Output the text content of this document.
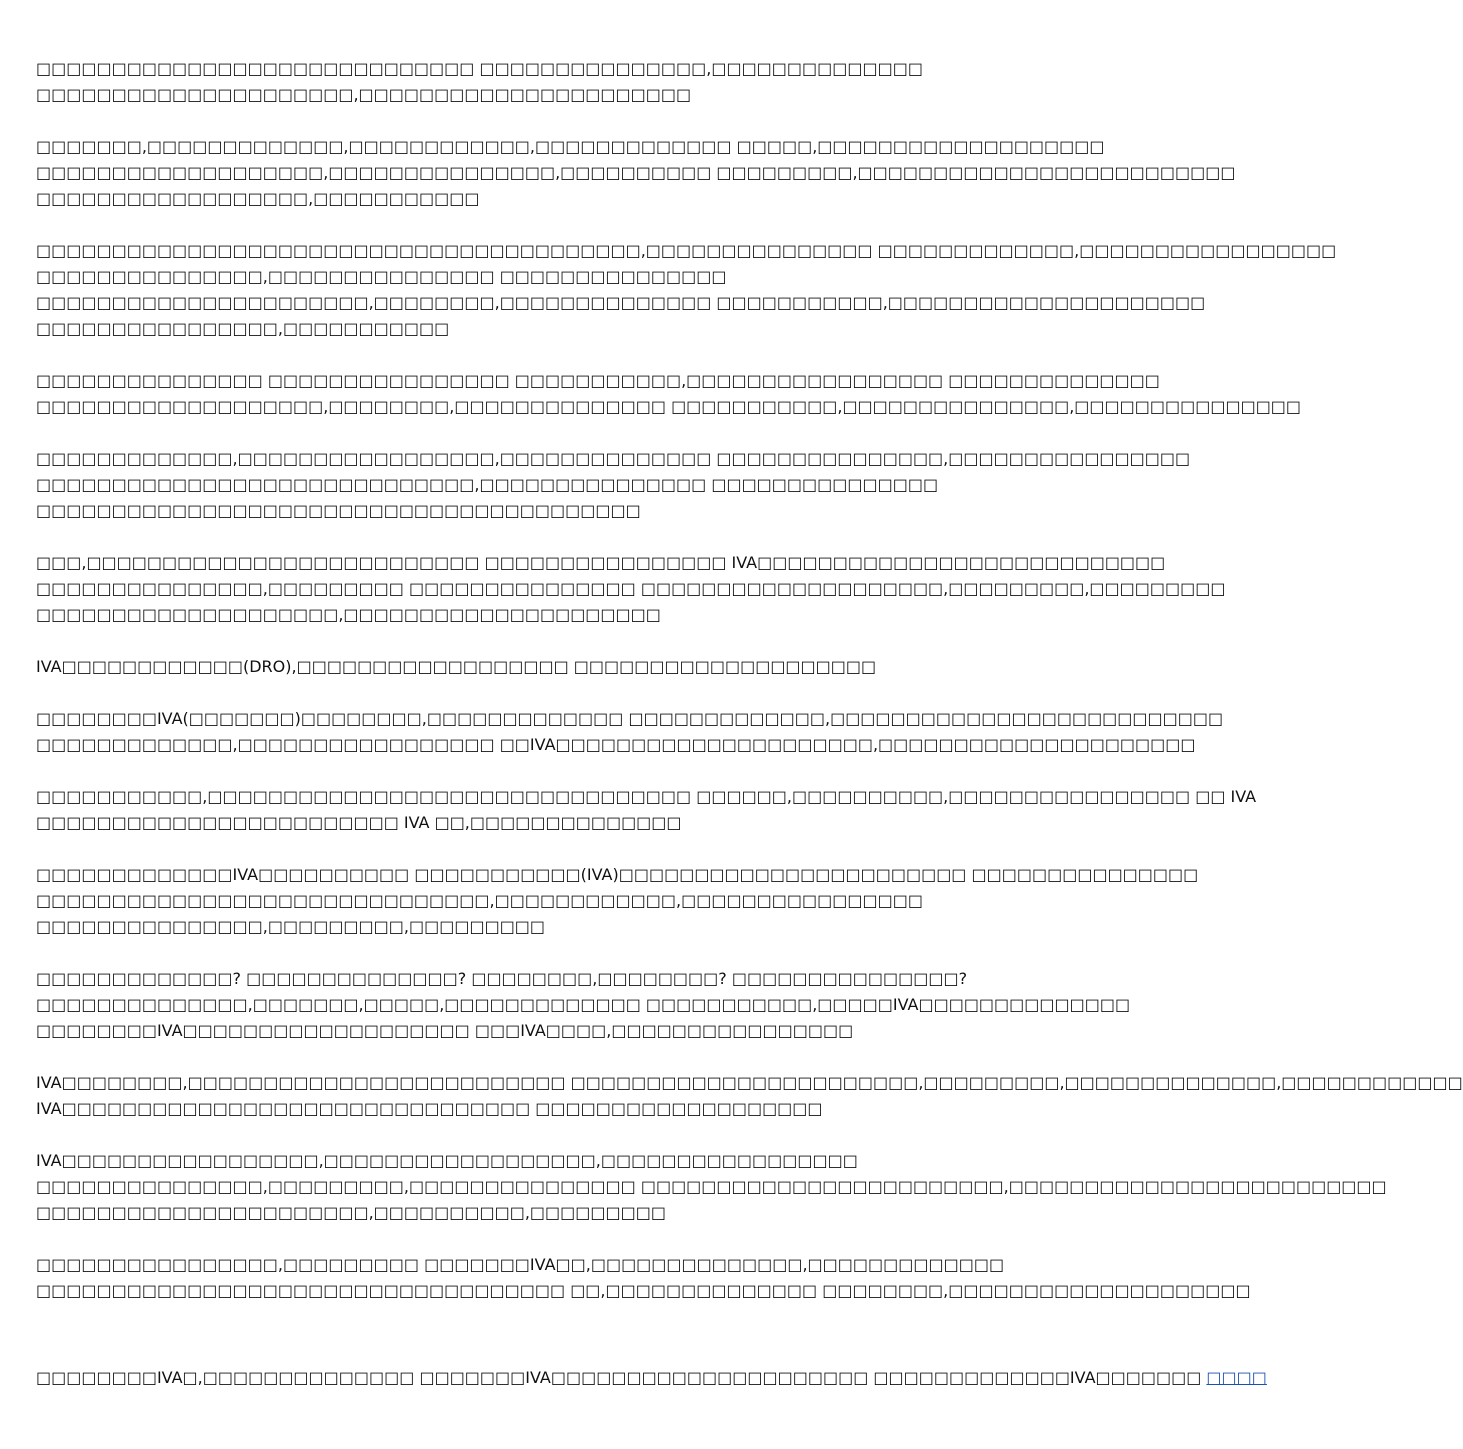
□□□□□□□□□□□□□□□□□□□□□□□□□□□□□ □□□□□□□□□□□□□□□,□□□□□□□□□□□□□□
□□□□□□□□□□□□□□□□□□□□□,□□□□□□□□□□□□□□□□□□□□□□
□□□□□□□,□□□□□□□□□□□□□,□□□□□□□□□□□□,□□□□□□□□□□□□□ □□□□□,□□□□□□□□□□□□□□□□□□□
□□□□□□□□□□□□□□□□□□□,□□□□□□□□□□□□□□□,□□□□□□□□□□ □□□□□□□□□,□□□□□□□□□□□□□□□□□□□□□□□□□
□□□□□□□□□□□□□□□□□□,□□□□□□□□□□□
□□□□□□□□□□□□□□□□□□□□□□□□□□□□□□□□□□□□□□□□,□□□□□□□□□□□□□□□ □□□□□□□□□□□□□,□□□□□□□□□□□□□□□□□
□□□□□□□□□□□□□□□,□□□□□□□□□□□□□□□ □□□□□□□□□□□□□□□
□□□□□□□□□□□□□□□□□□□□□□,□□□□□□□□,□□□□□□□□□□□□□□ □□□□□□□□□□□,□□□□□□□□□□□□□□□□□□□□□
□□□□□□□□□□□□□□□□,□□□□□□□□□□□
□□□□□□□□□□□□□□□ □□□□□□□□□□□□□□□□ □□□□□□□□□□□,□□□□□□□□□□□□□□□□□ □□□□□□□□□□□□□□
□□□□□□□□□□□□□□□□□□□,□□□□□□□□,□□□□□□□□□□□□□□ □□□□□□□□□□□,□□□□□□□□□□□□□□□,□□□□□□□□□□□□□□□
□□□□□□□□□□□□□,□□□□□□□□□□□□□□□□□,□□□□□□□□□□□□□□ □□□□□□□□□□□□□□□,□□□□□□□□□□□□□□□□
□□□□□□□□□□□□□□□□□□□□□□□□□□□□□,□□□□□□□□□□□□□□□ □□□□□□□□□□□□□□□
□□□□□□□□□□□□□□□□□□□□□□□□□□□□□□□□□□□□□□□□
□□□,□□□□□□□□□□□□□□□□□□□□□□□□□□ □□□□□□□□□□□□□□□□ IVA□□□□□□□□□□□□□□□□□□□□□□□□□□□
□□□□□□□□□□□□□□□,□□□□□□□□□ □□□□□□□□□□□□□□□ □□□□□□□□□□□□□□□□□□□□,□□□□□□□□□,□□□□□□□□□
□□□□□□□□□□□□□□□□□□□□,□□□□□□□□□□□□□□□□□□□□□
IVA□□□□□□□□□□□□(DRO),□□□□□□□□□□□□□□□□□□ □□□□□□□□□□□□□□□□□□□□
□□□□□□□□IVA(□□□□□□□)□□□□□□□□,□□□□□□□□□□□□□ □□□□□□□□□□□□□,□□□□□□□□□□□□□□□□□□□□□□□□□□
□□□□□□□□□□□□□,□□□□□□□□□□□□□□□□□ □□IVA□□□□□□□□□□□□□□□□□□□□□,□□□□□□□□□□□□□□□□□□□□□
□□□□□□□□□□□,□□□□□□□□□□□□□□□□□□□□□□□□□□□□□□□□ □□□□□□,□□□□□□□□□□,□□□□□□□□□□□□□□□□ □□ IVA
□□□□□□□□□□□□□□□□□□□□□□□□ IVA □□,□□□□□□□□□□□□□□
□□□□□□□□□□□□□IVA□□□□□□□□□□ □□□□□□□□□□□(IVA)□□□□□□□□□□□□□□□□□□□□□□□ □□□□□□□□□□□□□□□
□□□□□□□□□□□□□□□□□□□□□□□□□□□□□□,□□□□□□□□□□□□,□□□□□□□□□□□□□□□□
□□□□□□□□□□□□□□□,□□□□□□□□□,□□□□□□□□□
□□□□□□□□□□□□□? □□□□□□□□□□□□□□? □□□□□□□□,□□□□□□□□? □□□□□□□□□□□□□□□?
□□□□□□□□□□□□□□,□□□□□□□,□□□□□,□□□□□□□□□□□□□ □□□□□□□□□□□,□□□□□IVA□□□□□□□□□□□□□□
□□□□□□□□IVA□□□□□□□□□□□□□□□□□□□ □□□IVA□□□□,□□□□□□□□□□□□□□□□
IVA□□□□□□□□,□□□□□□□□□□□□□□□□□□□□□□□□□ □□□□□□□□□□□□□□□□□□□□□□□,□□□□□□□□□,□□□□□□□□□□□□□□,□□□□□□□□□□□□
IVA□□□□□□□□□□□□□□□□□□□□□□□□□□□□□□□ □□□□□□□□□□□□□□□□□□□
IVA□□□□□□□□□□□□□□□□□,□□□□□□□□□□□□□□□□□□,□□□□□□□□□□□□□□□□□
□□□□□□□□□□□□□□□,□□□□□□□□□,□□□□□□□□□□□□□□□ □□□□□□□□□□□□□□□□□□□□□□□□,□□□□□□□□□□□□□□□□□□□□□□□□□
□□□□□□□□□□□□□□□□□□□□□□,□□□□□□□□□□,□□□□□□□□□
□□□□□□□□□□□□□□□□,□□□□□□□□□ □□□□□□□IVA□□,□□□□□□□□□□□□□□,□□□□□□□□□□□□□
□□□□□□□□□□□□□□□□□□□□□□□□□□□□□□□□□□□ □□,□□□□□□□□□□□□□□ □□□□□□□□,□□□□□□□□□□□□□□□□□□□□
□□□□□□□□IVA□,□□□□□□□□□□□□□□ □□□□□□□IVA□□□□□□□□□□□□□□□□□□□□□ □□□□□□□□□□□□□IVA□□□□□□□ □□□□
